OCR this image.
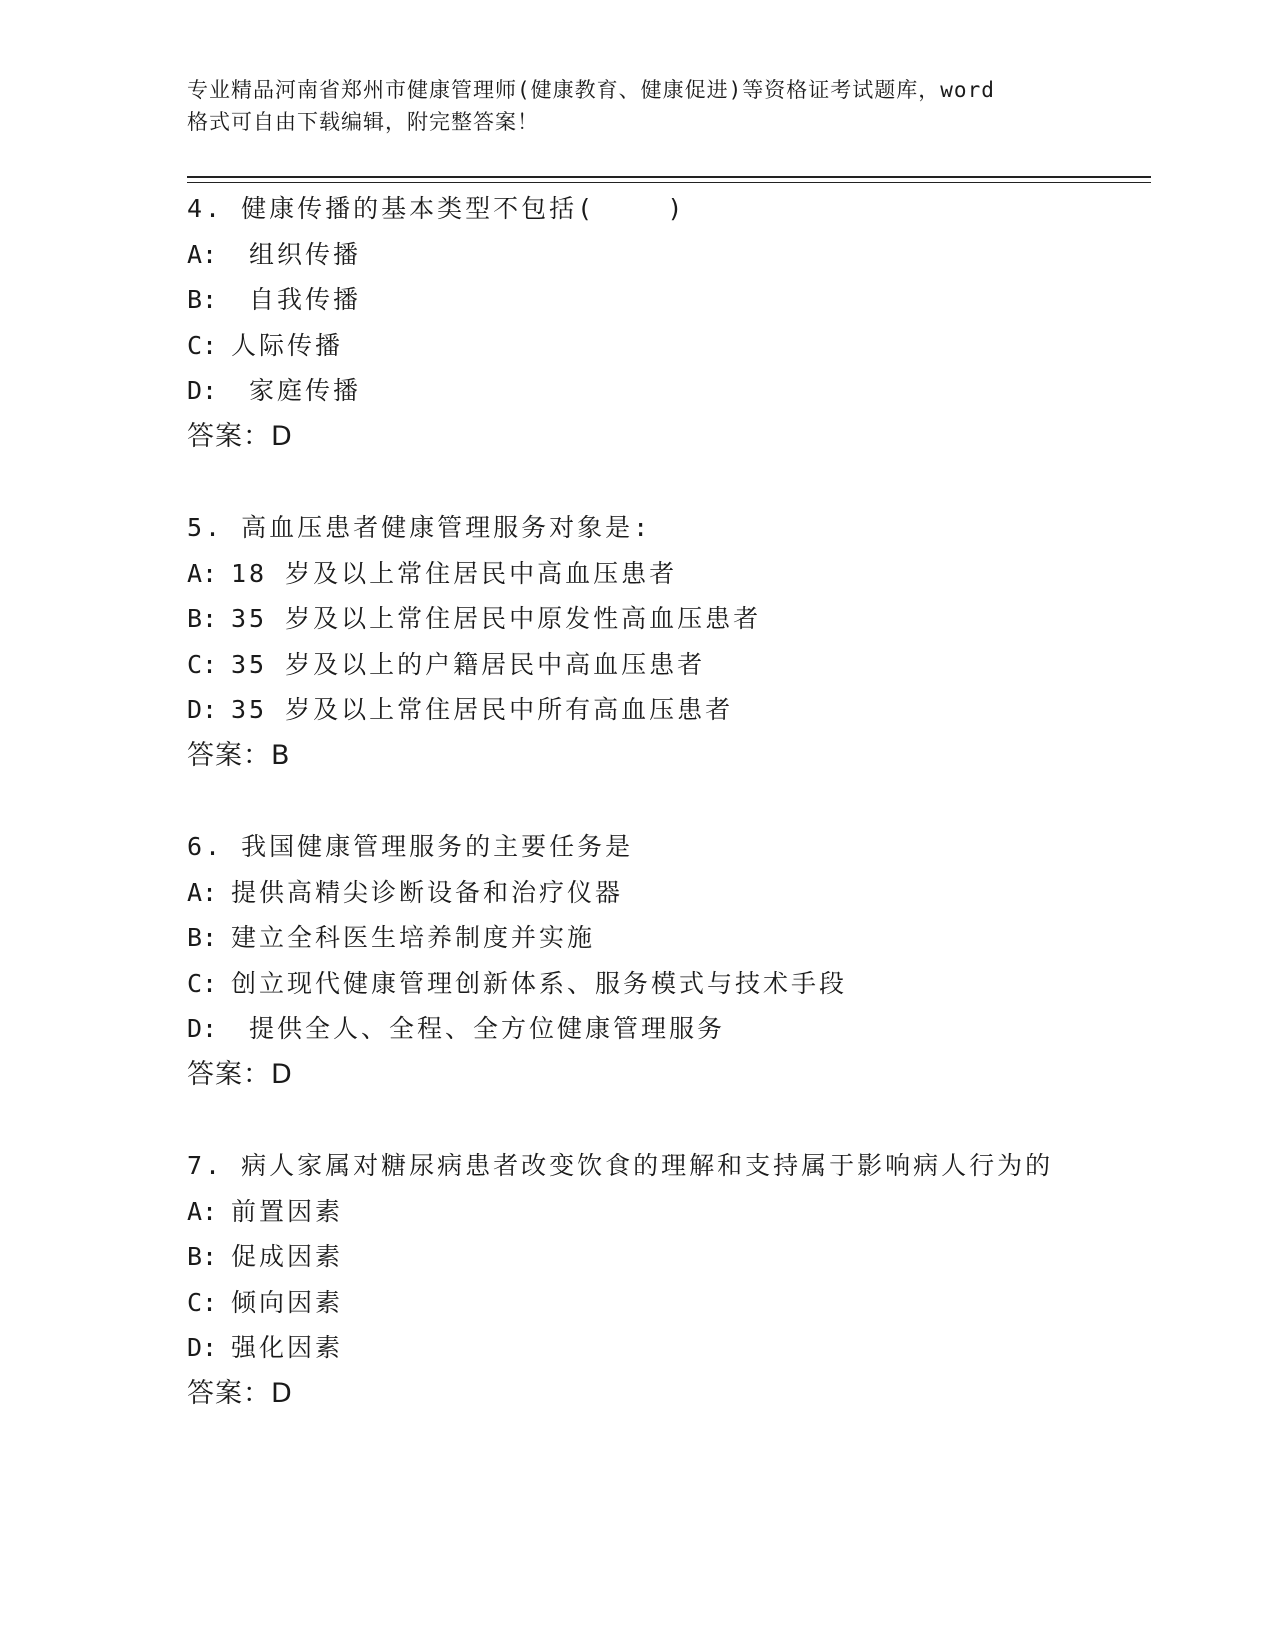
专业精品河南省郑州市健康管理师(健康教育、健康促进)等资格证考试题库，word
格式可自由下载编辑，附完整答案！
4. 健康传播的基本类型不包括(    )
A: 组织传播
B: 自我传播
C: 人际传播
D: 家庭传播
答案：D
5. 高血压患者健康管理服务对象是:
A: 18 岁及以上常住居民中高血压患者
B: 35 岁及以上常住居民中原发性高血压患者
C: 35 岁及以上的户籍居民中高血压患者
D: 35 岁及以上常住居民中所有高血压患者
答案：B
6. 我国健康管理服务的主要任务是
A: 提供高精尖诊断设备和治疗仪器
B: 建立全科医生培养制度并实施
C: 创立现代健康管理创新体系、服务模式与技术手段
D: 提供全人、全程、全方位健康管理服务
答案：D
7. 病人家属对糖尿病患者改变饮食的理解和支持属于影响病人行为的
A: 前置因素
B: 促成因素
C: 倾向因素
D: 强化因素
答案：D
